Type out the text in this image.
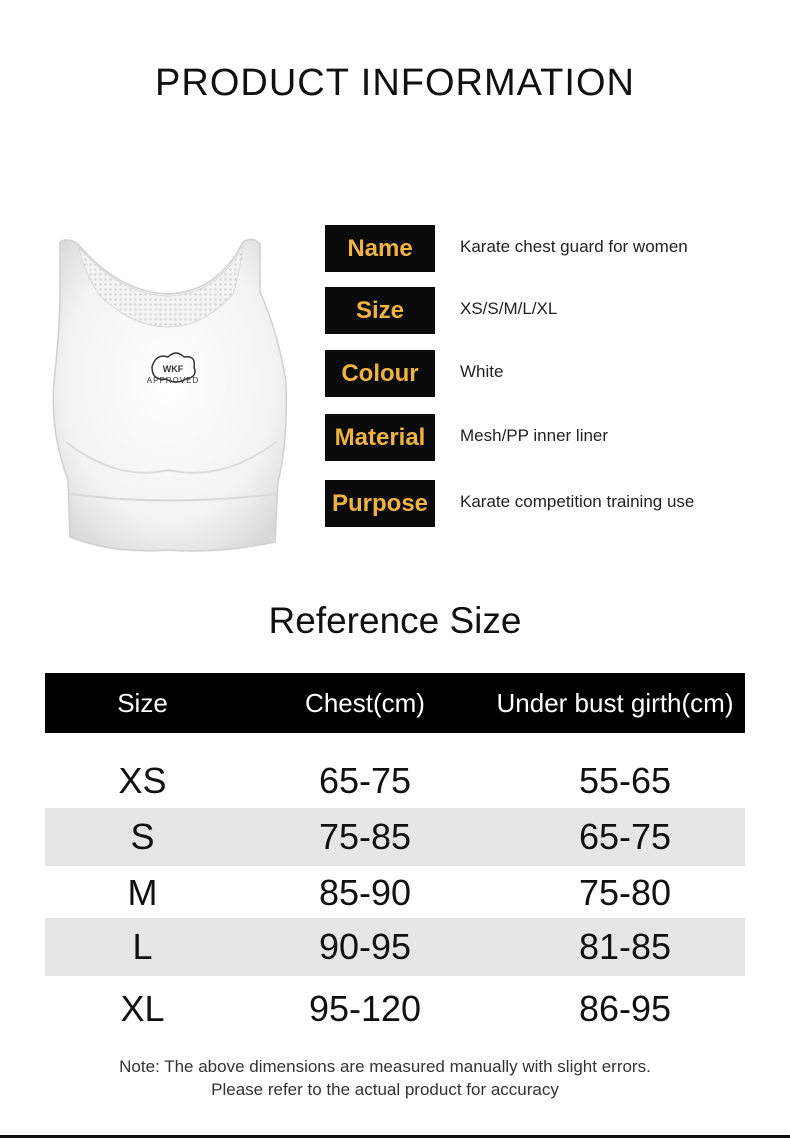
PRODUCT INFORMATION
WKF
APPROVED
Name	Karate chest guard for women
Size	XS/S/M/L/XL
Colour	White
Material	Mesh/PP inner liner
Purpose	Karate competition training use
Reference Size
Size	Chest(cm)	Under bust girth(cm)
XS	65-75	55-65
S	75-85	65-75
M	85-90	75-80
L	90-95	81-85
XL	95-120	86-95
Note: The above dimensions are measured manually with slight errors.
Please refer to the actual product for accuracy
